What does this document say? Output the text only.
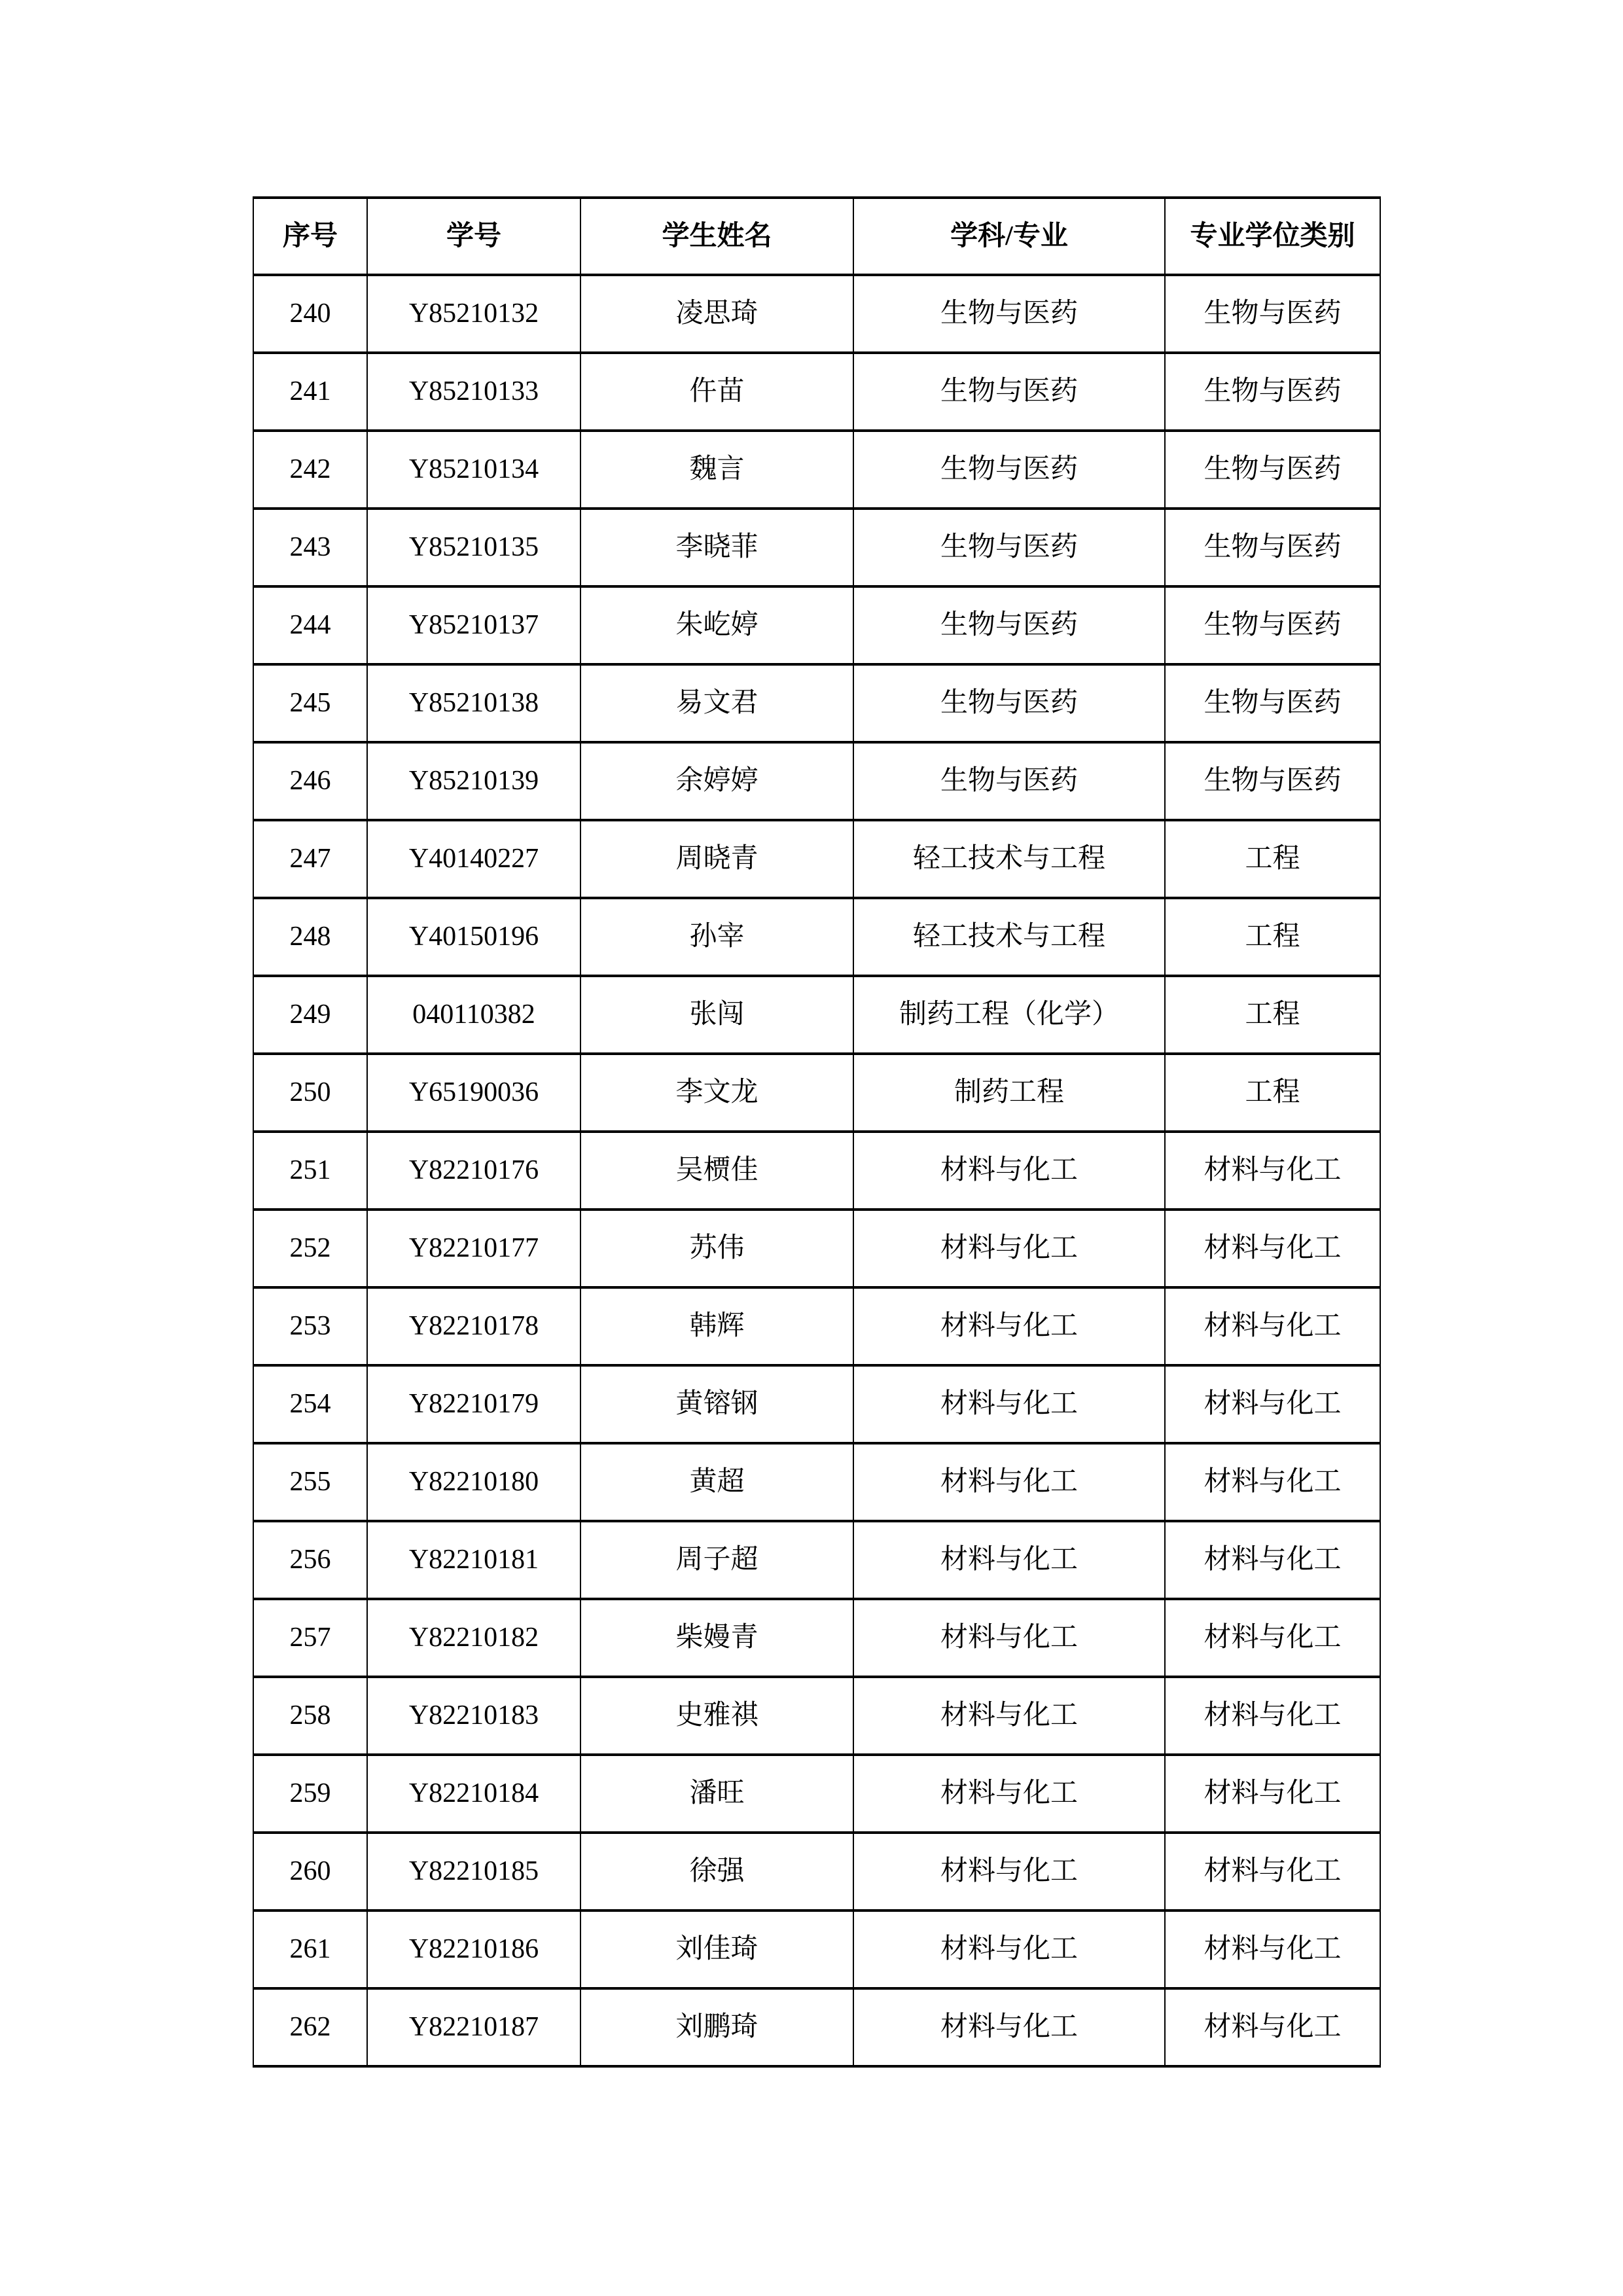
序号	学号	学生姓名	学科/专业	专业学位类别
240	Y85210132	凌思琦	生物与医药	生物与医药
241	Y85210133	仵苗	生物与医药	生物与医药
242	Y85210134	魏言	生物与医药	生物与医药
243	Y85210135	李晓菲	生物与医药	生物与医药
244	Y85210137	朱屹婷	生物与医药	生物与医药
245	Y85210138	易文君	生物与医药	生物与医药
246	Y85210139	余婷婷	生物与医药	生物与医药
247	Y40140227	周晓青	轻工技术与工程	工程
248	Y40150196	孙宰	轻工技术与工程	工程
249	040110382	张闯	制药工程（化学）	工程
250	Y65190036	李文龙	制药工程	工程
251	Y82210176	吴槚佳	材料与化工	材料与化工
252	Y82210177	苏伟	材料与化工	材料与化工
253	Y82210178	韩辉	材料与化工	材料与化工
254	Y82210179	黄镕钢	材料与化工	材料与化工
255	Y82210180	黄超	材料与化工	材料与化工
256	Y82210181	周子超	材料与化工	材料与化工
257	Y82210182	柴嫚青	材料与化工	材料与化工
258	Y82210183	史雅祺	材料与化工	材料与化工
259	Y82210184	潘旺	材料与化工	材料与化工
260	Y82210185	徐强	材料与化工	材料与化工
261	Y82210186	刘佳琦	材料与化工	材料与化工
262	Y82210187	刘鹏琦	材料与化工	材料与化工
